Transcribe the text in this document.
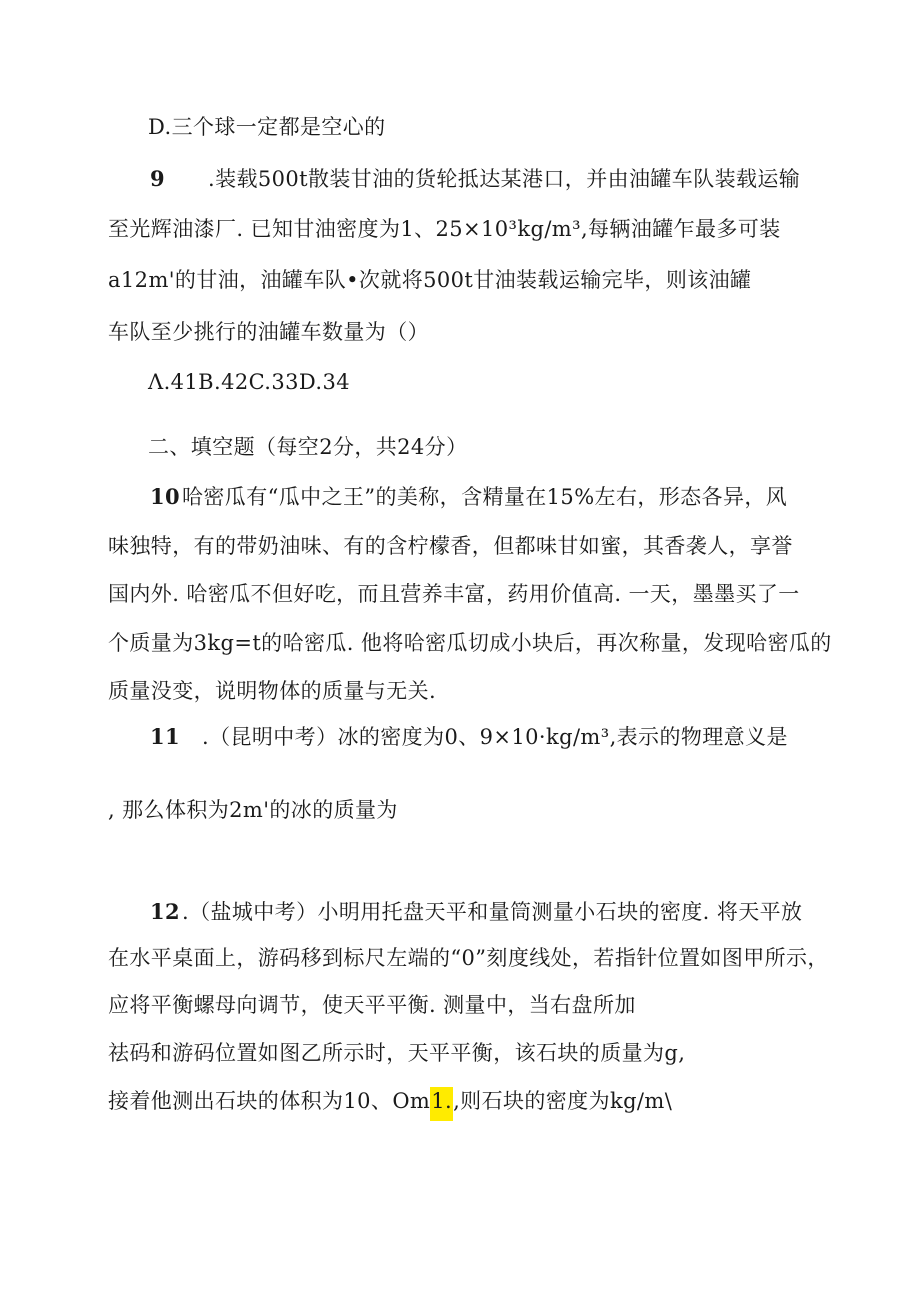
D.三个球一定都是空心的
9 .装载500t散装甘油的货轮抵达某港口，并由油罐车队装载运输
至光辉油漆厂. 已知甘油密度为1、25×10³kg/m³,每辆油罐乍最多可装
a12m'的甘油，油罐车队•次就将500t甘油装载运输完毕，则该油罐
车队至少挑行的油罐车数量为（）
Λ.41B.42C.33D.34
二、填空题（每空2分，共24分）
10哈密瓜有“瓜中之王”的美称，含精量在15%左右，形态各异，风
味独特，有的带奶油味、有的含柠檬香，但都味甘如蜜，其香袭人，享誉
国内外. 哈密瓜不但好吃，而且营养丰富，药用价值高. 一天，墨墨买了一
个质量为3kg=t的哈密瓜. 他将哈密瓜切成小块后，再次称量，发现哈密瓜的
质量没变，说明物体的质量与无关.
11 .（昆明中考）冰的密度为0、9×10·kg/m³,表示的物理意义是
, 那么体积为2m'的冰的质量为
12.（盐城中考）小明用托盘天平和量筒测量小石块的密度. 将天平放
在水平桌面上，游码移到标尺左端的“0”刻度线处，若指针位置如图甲所示，
应将平衡螺母向调节，使天平平衡. 测量中，当右盘所加
祛码和游码位置如图乙所示时，天平平衡，该石块的质量为g,
接着他测出石块的体积为10、Om1.,则石块的密度为kg/m\
